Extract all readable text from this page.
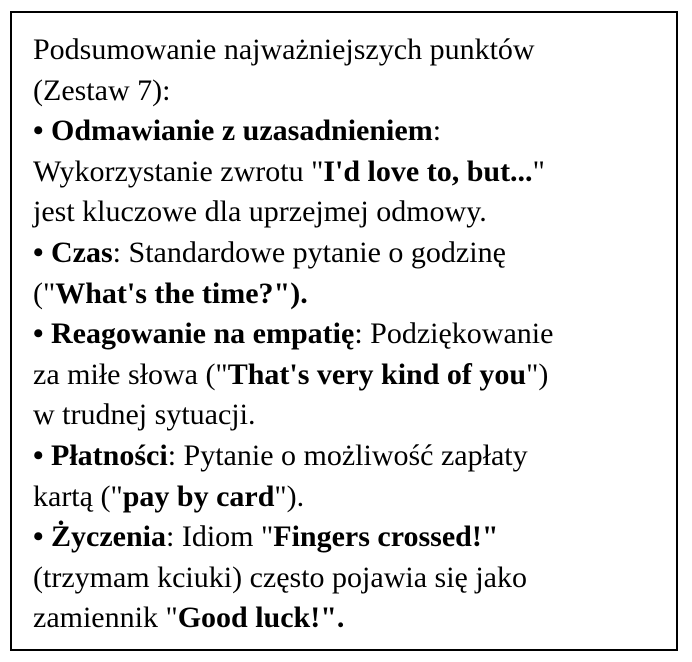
Podsumowanie najważniejszych punktów
(Zestaw 7):
• Odmawianie z uzasadnieniem:
Wykorzystanie zwrotu "I'd love to, but..."
jest kluczowe dla uprzejmej odmowy.
• Czas: Standardowe pytanie o godzinę
("What's the time?").
• Reagowanie na empatię: Podziękowanie
za miłe słowa ("That's very kind of you")
w trudnej sytuacji.
• Płatności: Pytanie o możliwość zapłaty
kartą ("pay by card").
• Życzenia: Idiom "Fingers crossed!"
(trzymam kciuki) często pojawia się jako
zamiennik "Good luck!".
